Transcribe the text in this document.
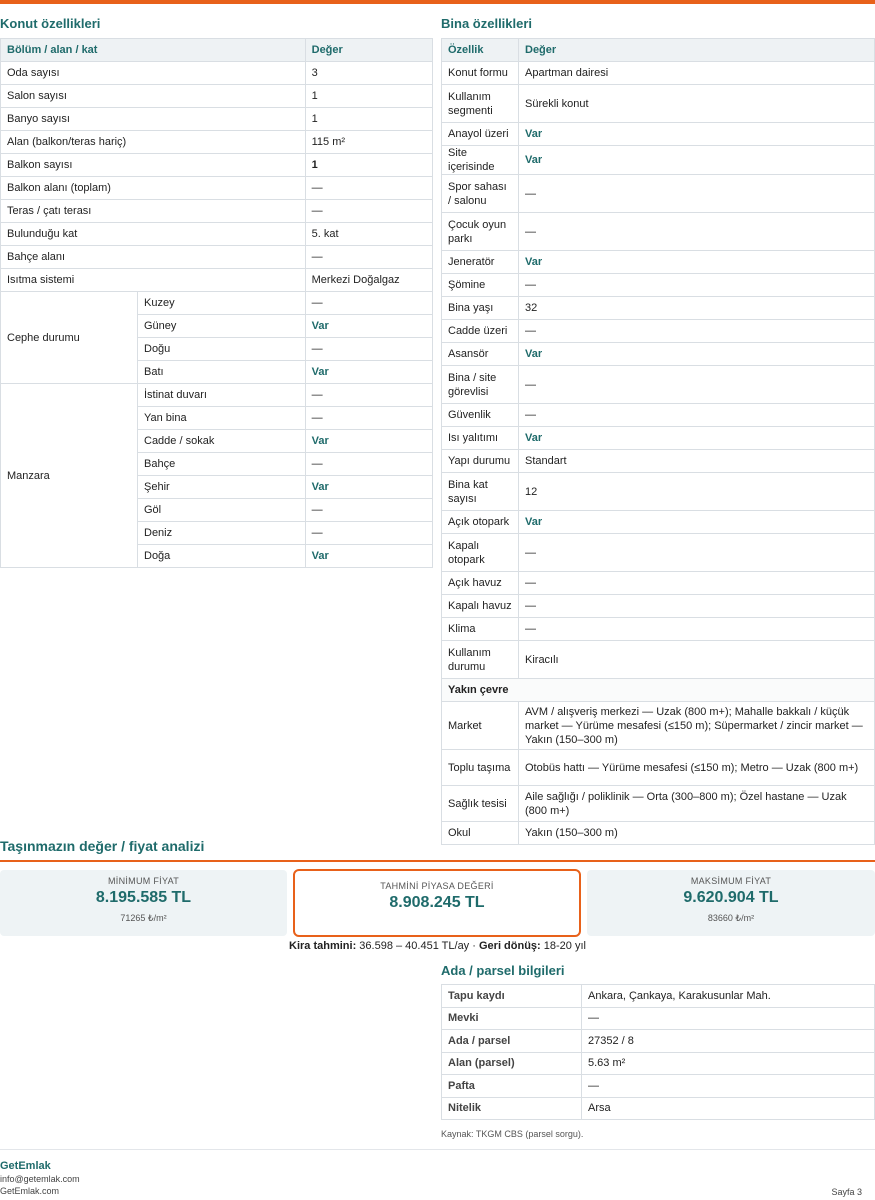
Konut özellikleri
Bölüm / alan / kat		Değer
Oda sayısı		3
Salon sayısı		1
Banyo sayısı		1
Alan (balkon/teras hariç)		115 m²
Balkon sayısı		1
Balkon alanı (toplam)		—
Teras / çatı terası		—
Bulunduğu kat		5. kat
Bahçe alanı		—
Isıtma sistemi		Merkezi Doğalgaz
Cephe durumu	Kuzey	—
	Güney	Var
	Doğu	—
	Batı	Var
Manzara	İstinat duvarı	—
	Yan bina	—
	Cadde / sokak	Var
	Bahçe	—
	Şehir	Var
	Göl	—
	Deniz	—
	Doğa	Var
Bina özellikleri
Özellik	Değer
Konut formu	Apartman dairesi
Kullanım segmenti	Sürekli konut
Anayol üzeri	Var
Site içerisinde	Var
Spor sahası / salonu	—
Çocuk oyun parkı	—
Jeneratör	Var
Şömine	—
Bina yaşı	32
Cadde üzeri	—
Asansör	Var
Bina / site görevlisi	—
Güvenlik	—
Isı yalıtımı	Var
Yapı durumu	Standart
Bina kat sayısı	12
Açık otopark	Var
Kapalı otopark	—
Açık havuz	—
Kapalı havuz	—
Klima	—
Kullanım durumu	Kiracılı
Yakın çevre	
Market	AVM / alışveriş merkezi — Uzak (800 m+); Mahalle bakkalı / küçük market — Yürüme mesafesi (≤150 m); Süpermarket / zincir market — Yakın (150–300 m)
Toplu taşıma	Otobüs hattı — Yürüme mesafesi (≤150 m); Metro — Uzak (800 m+)
Sağlık tesisi	Aile sağlığı / poliklinik — Orta (300–800 m); Özel hastane — Uzak (800 m+)
Okul	Yakın (150–300 m)
Taşınmazın değer / fiyat analizi
MİNİMUM FİYAT
8.195.585 TL
71265 ₺/m²
TAHMİNİ PİYASA DEĞERİ
8.908.245 TL
MAKSİMUM FİYAT
9.620.904 TL
83660 ₺/m²
Kira tahmini: 36.598 – 40.451 TL/ay · Geri dönüş: 18-20 yıl
Ada / parsel bilgileri
Tapu kaydı	Ankara, Çankaya, Karakusunlar Mah.
Mevki	—
Ada / parsel	27352 / 8
Alan (parsel)	5.63 m²
Pafta	—
Nitelik	Arsa
Kaynak: TKGM CBS (parsel sorgu).
GetEmlak
info@getemlak.com
GetEmlak.com	Sayfa 3
